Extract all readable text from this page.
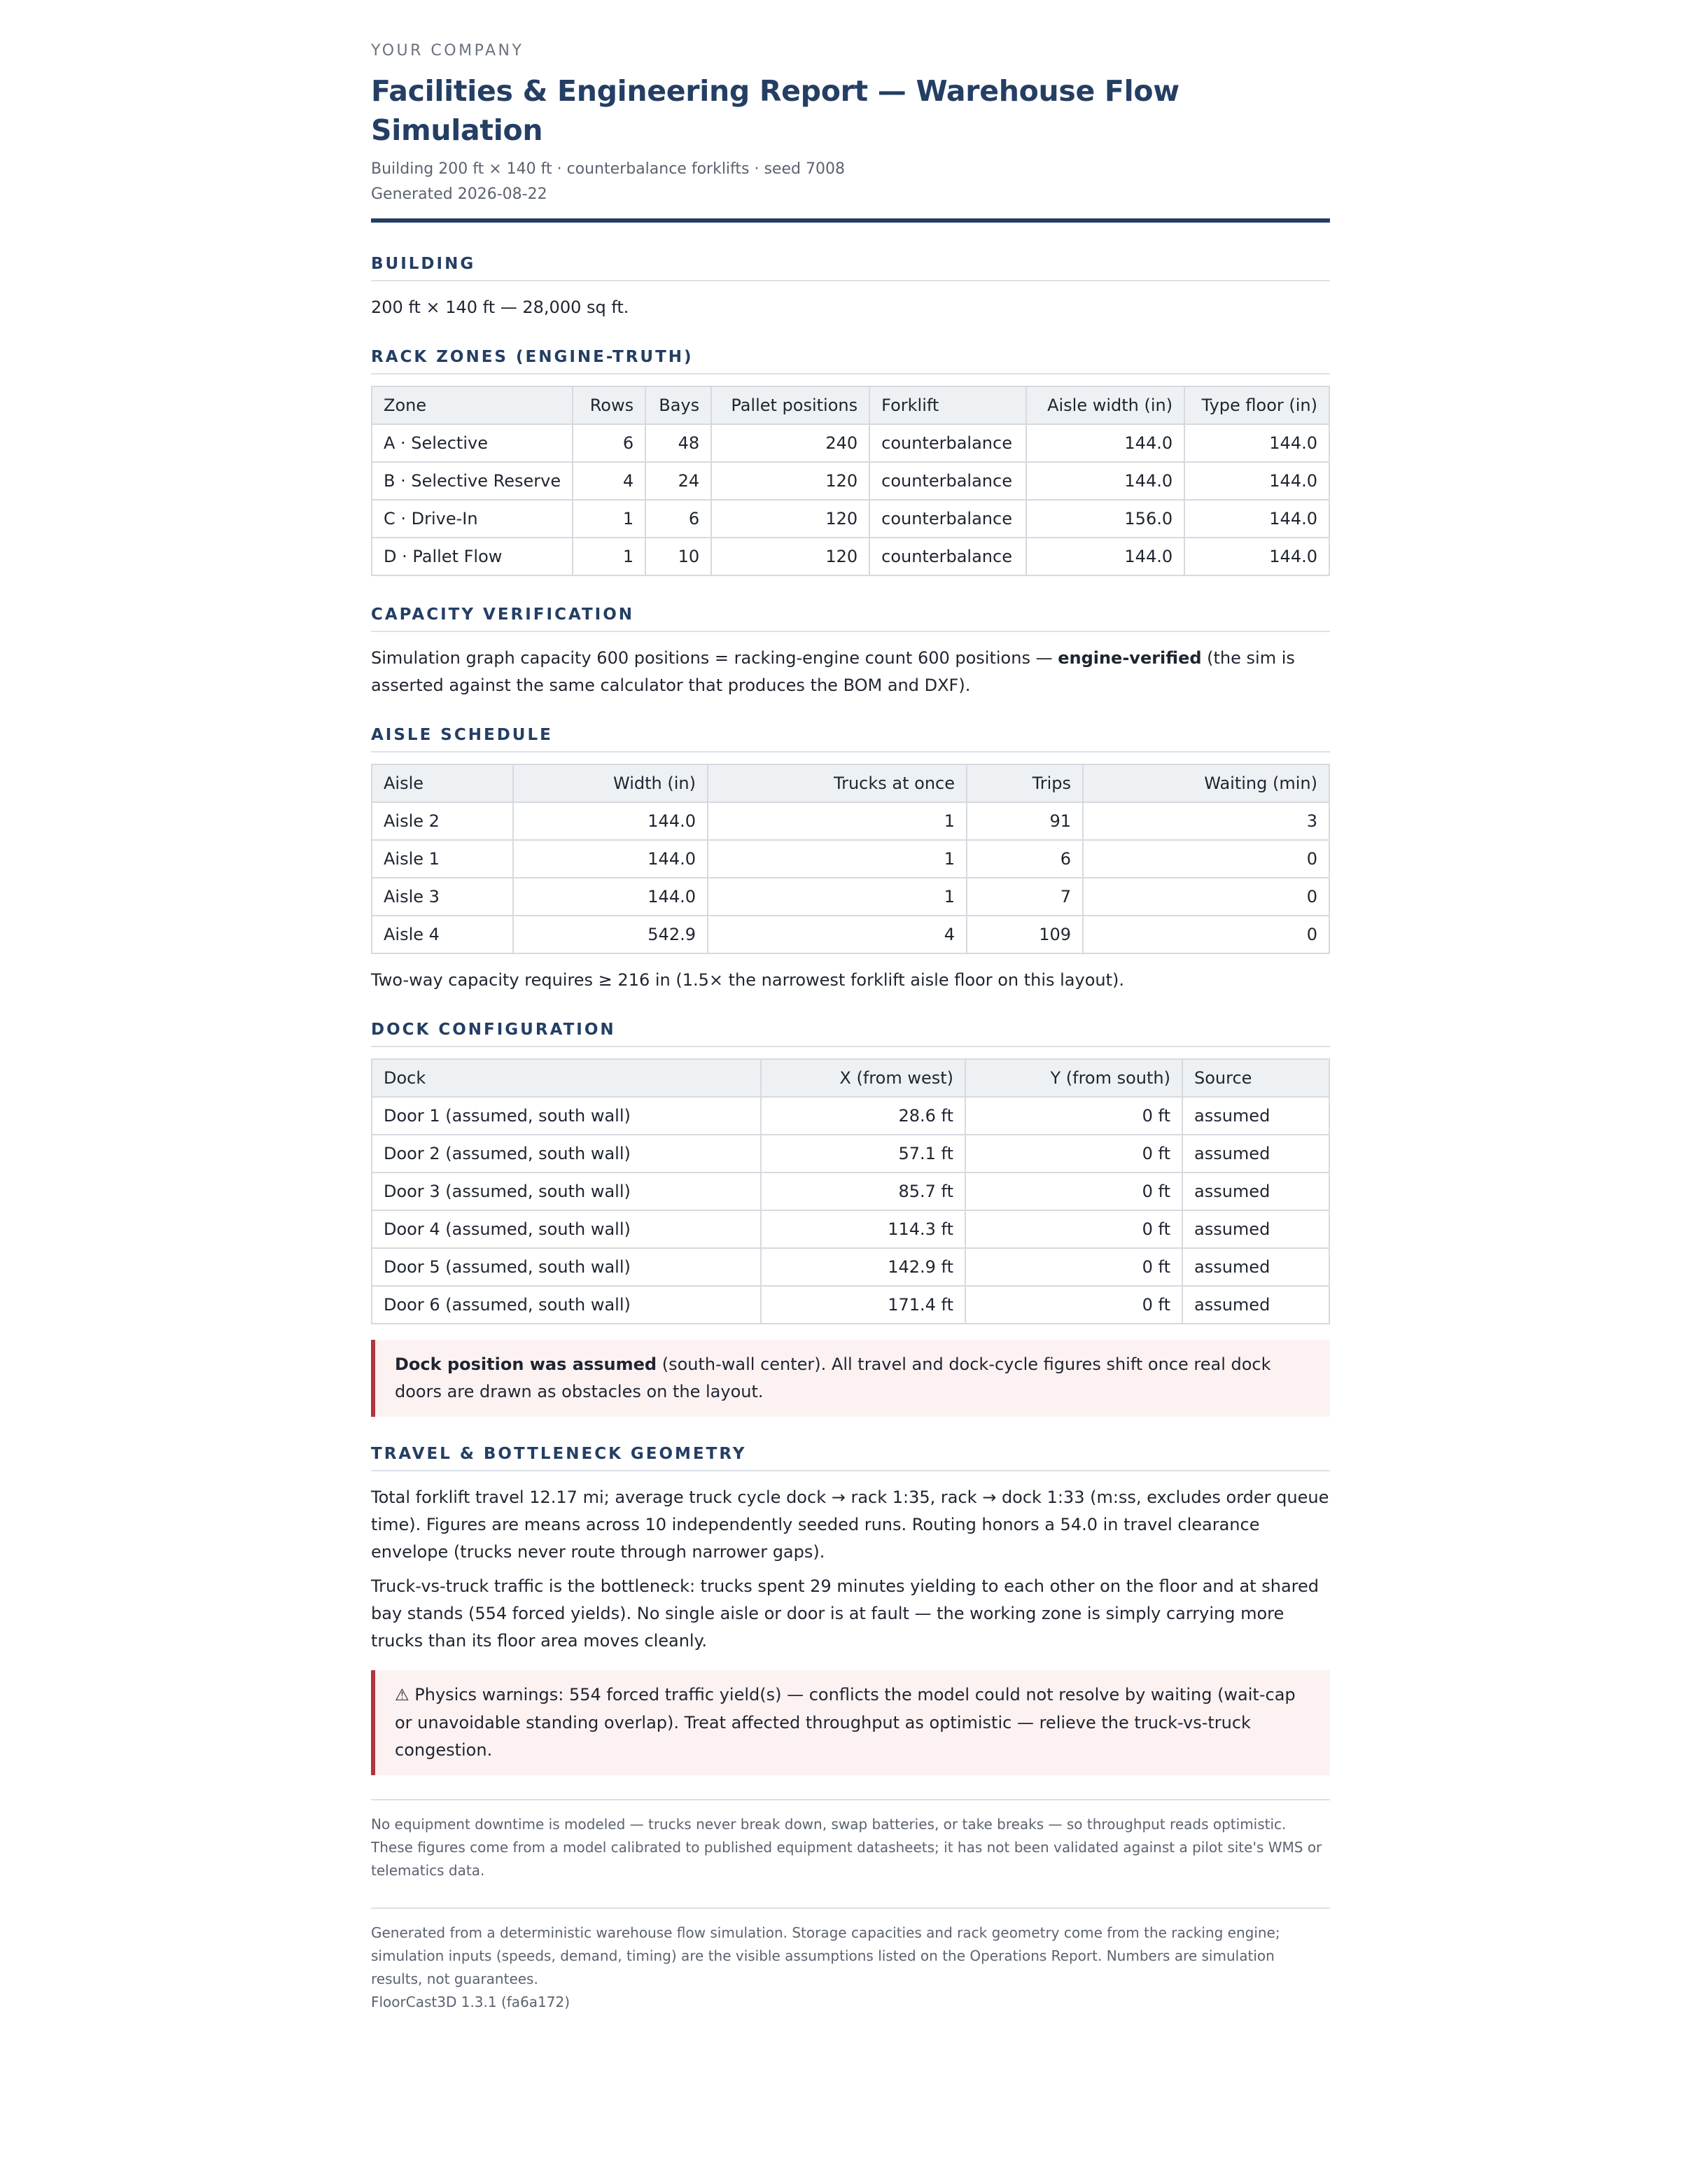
YOUR COMPANY
Facilities & Engineering Report — Warehouse Flow Simulation
Building 200 ft × 140 ft · counterbalance forklifts · seed 7008
Generated 2026-08-22
BUILDING

200 ft × 140 ft — 28,000 sq ft.

RACK ZONES (ENGINE-TRUTH)
Zone	Rows	Bays	Pallet positions	Forklift	Aisle width (in)	Type floor (in)
A · Selective	6	48	240	counterbalance	144.0	144.0
B · Selective Reserve	4	24	120	counterbalance	144.0	144.0
C · Drive-In	1	6	120	counterbalance	156.0	144.0
D · Pallet Flow	1	10	120	counterbalance	144.0	144.0
CAPACITY VERIFICATION

Simulation graph capacity 600 positions = racking-engine count 600 positions — engine-verified (the sim is asserted against the same calculator that produces the BOM and DXF).

AISLE SCHEDULE
Aisle	Width (in)	Trucks at once	Trips	Waiting (min)
Aisle 2	144.0	1	91	3
Aisle 1	144.0	1	6	0
Aisle 3	144.0	1	7	0
Aisle 4	542.9	4	109	0

Two-way capacity requires ≥ 216 in (1.5× the narrowest forklift aisle floor on this layout).

DOCK CONFIGURATION
Dock	X (from west)	Y (from south)	Source
Door 1 (assumed, south wall)	28.6 ft	0 ft	assumed
Door 2 (assumed, south wall)	57.1 ft	0 ft	assumed
Door 3 (assumed, south wall)	85.7 ft	0 ft	assumed
Door 4 (assumed, south wall)	114.3 ft	0 ft	assumed
Door 5 (assumed, south wall)	142.9 ft	0 ft	assumed
Door 6 (assumed, south wall)	171.4 ft	0 ft	assumed
Dock position was assumed (south-wall center). All travel and dock-cycle figures shift once real dock doors are drawn as obstacles on the layout.
TRAVEL & BOTTLENECK GEOMETRY

Total forklift travel 12.17 mi; average truck cycle dock → rack 1:35, rack → dock 1:33 (m:ss, excludes order queue time). Figures are means across 10 independently seeded runs. Routing honors a 54.0 in travel clearance envelope (trucks never route through narrower gaps).

Truck-vs-truck traffic is the bottleneck: trucks spent 29 minutes yielding to each other on the floor and at shared bay stands (554 forced yields). No single aisle or door is at fault — the working zone is simply carrying more trucks than its floor area moves cleanly.

⚠ Physics warnings: 554 forced traffic yield(s) — conflicts the model could not resolve by waiting (wait-cap or unavoidable standing overlap). Treat affected throughput as optimistic — relieve the truck-vs-truck congestion.
No equipment downtime is modeled — trucks never break down, swap batteries, or take breaks — so throughput reads optimistic. These figures come from a model calibrated to published equipment datasheets; it has not been validated against a pilot site's WMS or telematics data.
Generated from a deterministic warehouse flow simulation. Storage capacities and rack geometry come from the racking engine; simulation inputs (speeds, demand, timing) are the visible assumptions listed on the Operations Report. Numbers are simulation results, not guarantees.
FloorCast3D 1.3.1 (fa6a172)
